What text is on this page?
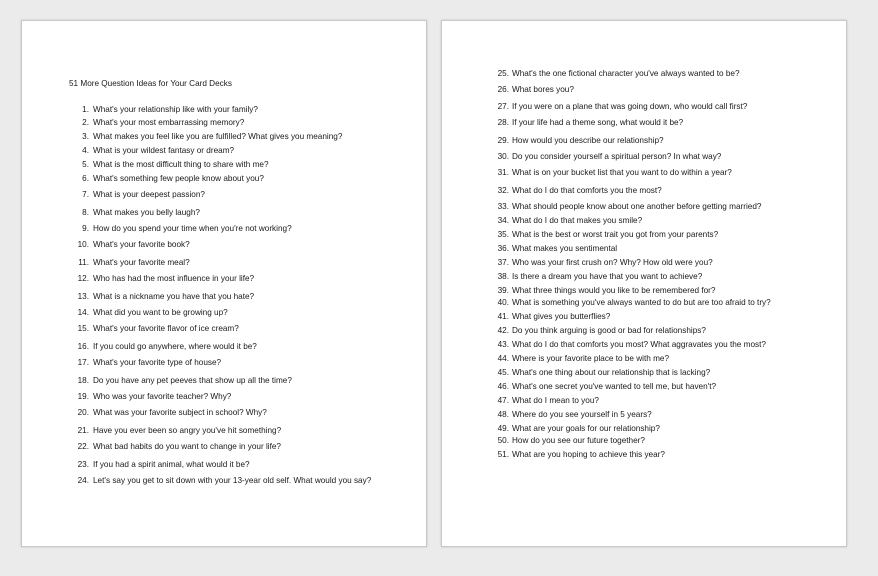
51 More Question Ideas for Your Card Decks
1. What's your relationship like with your family?
2. What's your most embarrassing memory?
3. What makes you feel like you are fulfilled? What gives you meaning?
4. What is your wildest fantasy or dream?
5. What is the most difficult thing to share with me?
6. What's something few people know about you?
7. What is your deepest passion?
8. What makes you belly laugh?
9. How do you spend your time when you're not working?
10. What's your favorite book?
11. What's your favorite meal?
12. Who has had the most influence in your life?
13. What is a nickname you have that you hate?
14. What did you want to be growing up?
15. What's your favorite flavor of ice cream?
16. If you could go anywhere, where would it be?
17. What's your favorite type of house?
18. Do you have any pet peeves that show up all the time?
19. Who was your favorite teacher? Why?
20. What was your favorite subject in school? Why?
21. Have you ever been so angry you've hit something?
22. What bad habits do you want to change in your life?
23. If you had a spirit animal, what would it be?
24. Let's say you get to sit down with your 13-year old self. What would you say?
25. What's the one fictional character you've always wanted to be?
26. What bores you?
27. If you were on a plane that was going down, who would call first?
28. If your life had a theme song, what would it be?
29. How would you describe our relationship?
30. Do you consider yourself a spiritual person? In what way?
31. What is on your bucket list that you want to do within a year?
32. What do I do that comforts you the most?
33. What should people know about one another before getting married?
34. What do I do that makes you smile?
35. What is the best or worst trait you got from your parents?
36. What makes you sentimental
37. Who was your first crush on? Why? How old were you?
38. Is there a dream you have that you want to achieve?
39. What three things would you like to be remembered for?
40. What is something you've always wanted to do but are too afraid to try?
41. What gives you butterflies?
42. Do you think arguing is good or bad for relationships?
43. What do I do that comforts you most? What aggravates you the most?
44. Where is your favorite place to be with me?
45. What's one thing about our relationship that is lacking?
46. What's one secret you've wanted to tell me, but haven't?
47. What do I mean to you?
48. Where do you see yourself in 5 years?
49. What are your goals for our relationship?
50. How do you see our future together?
51. What are you hoping to achieve this year?
